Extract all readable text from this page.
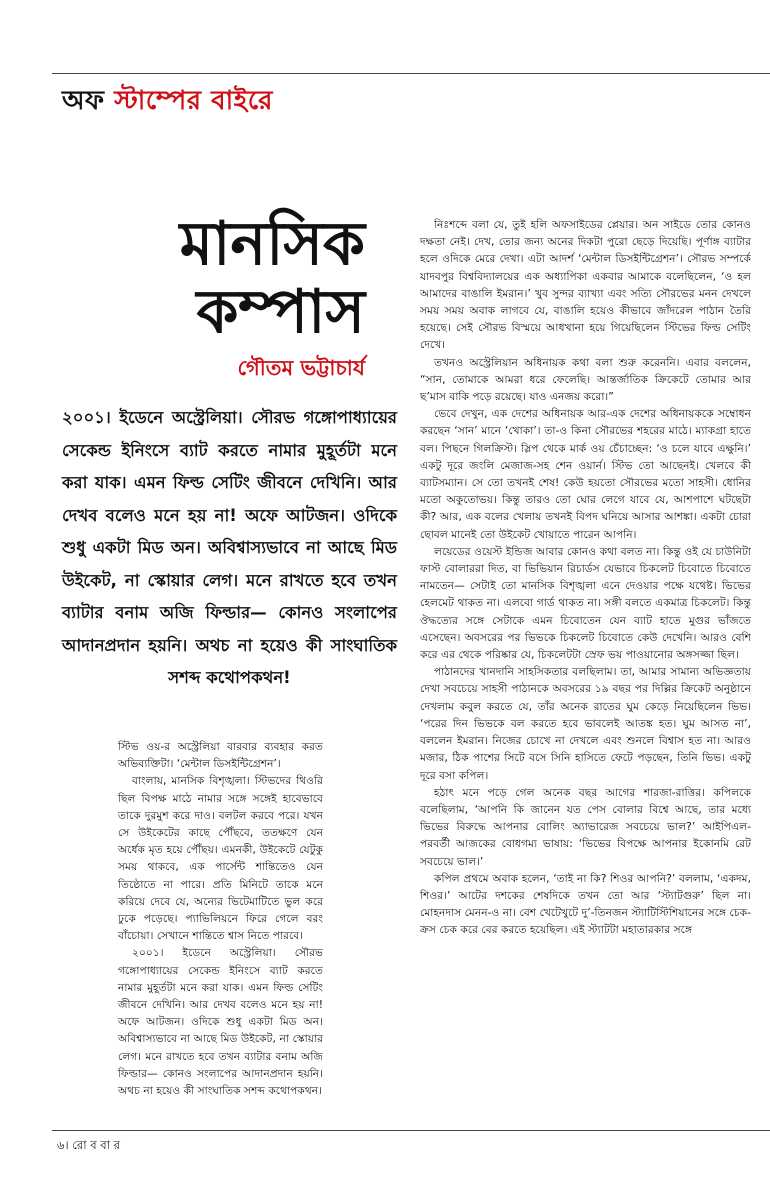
অফ স্টাম্পের বাইরে
মানসিক
কম্পাস
গৌতম ভট্টাচার্য
২০০১। ইডেনে অস্ট্রেলিয়া। সৌরভ গঙ্গোপাধ্যায়ের সেকেন্ড ইনিংসে ব্যাট করতে নামার মুহূর্তটা মনে করা যাক। এমন ফিল্ড সেটিং জীবনে দেখিনি। আর দেখব বলেও মনে হয় না! অফে আটজন। ওদিকে শুধু একটা মিড অন। অবিশ্বাস্যভাবে না আছে মিড উইকেট, না স্কোয়ার লেগ। মনে রাখতে হবে তখন ব্যাটার বনাম অজি ফিল্ডার— কোনও সংলাপের আদানপ্রদান হয়নি। অথচ না হয়েও কী সাংঘাতিক সশব্দ কথোপকথন!

স্টিভ ওয়-র অস্ট্রেলিয়া বারবার ব্যবহার করত অভিব্যক্তিটা। ‘মেন্টাল ডিসইন্টিগ্রেশন’।

বাংলায়, মানসিক বিশৃঙ্খলা। স্টিভদের থিওরি ছিল বিপক্ষ মাঠে নামার সঙ্গে সঙ্গেই হাবেভাবে তাকে দুরমুশ করে দাও। বলটল করবে পরে। যখন সে উইকেটের কাছে পৌঁছবে, ততক্ষণে যেন অর্ধেক মৃত হয়ে পৌঁছয়। এমনকী, উইকেটে যেটুকু সময় থাকবে, এক পার্সেন্ট শান্তিতেও যেন তিষ্ঠোতে না পারে। প্রতি মিনিটে তাকে মনে করিয়ে দেবে যে, অন্যের ভিটেমাটিতে ভুল করে ঢুকে পড়েছে। প্যাভিলিয়নে ফিরে গেলে বরং বাঁচোয়া। সেখানে শান্তিতে শ্বাস নিতে পারবে।

২০০১। ইডেনে অস্ট্রেলিয়া। সৌরভ গঙ্গোপাধ্যায়ের সেকেন্ড ইনিংসে ব্যাট করতে নামার মুহূর্তটা মনে করা যাক। এমন ফিল্ড সেটিং জীবনে দেখিনি। আর দেখব বলেও মনে হয় না! অফে আটজন। ওদিকে শুধু একটা মিড অন। অবিশ্বাস্যভাবে না আছে মিড উইকেট, না স্কোয়ার লেগ। মনে রাখতে হবে তখন ব্যাটার বনাম অজি ফিল্ডার— কোনও সংলাপের আদানপ্রদান হয়নি। অথচ না হয়েও কী সাংঘাতিক সশব্দ কথোপকথন।

নিঃশব্দে বলা যে, তুই হলি অফসাইডের প্লেয়ার। অন সাইডে তোর কোনও দক্ষতা নেই। দেখ, তোর জন্য অনের দিকটা পুরো ছেড়ে দিয়েছি। পূর্ণাঙ্গ ব্যাটার হলে ওদিকে মেরে দেখা। এটা আদর্শ ‘মেন্টাল ডিসইন্টিগ্রেশন’। সৌরভ সম্পর্কে যাদবপুর বিশ্ববিদ্যালয়ের এক অধ্যাপিকা একবার আমাকে বলেছিলেন, ‘ও হল আমাদের বাঙালি ইমরান।’ খুব সুন্দর ব্যাখ্যা এবং সত্যি সৌরভের মনন দেখলে সময় সময় অবাক লাগবে যে, বাঙালি হয়েও কীভাবে জাঁদরেল পাঠান তৈরি হয়েছে। সেই সৌরভ বিস্ময়ে আধখানা হয়ে গিয়েছিলেন স্টিভের ফিল্ড সেটিং দেখে।

তখনও অস্ট্রেলিয়ান অধিনায়ক কথা বলা শুরু করেননি। এবার বললেন, “সান, তোমাকে আমরা ধরে ফেলেছি। আন্তর্জাতিক ক্রিকেটে তোমার আর ছ’মাস বাকি পড়ে রয়েছে। যাও এনজয় করো।”

ভেবে দেখুন, এক দেশের অধিনায়ক আর-এক দেশের অধিনায়ককে সম্বোধন করছেন ‘সান’ মানে ‘খোকা’। তা-ও কিনা সৌরভের শহরের মাঠে। ম্যাকগ্রা হাতে বল। পিছনে গিলক্রিস্ট। স্লিপ থেকে মার্ক ওয় চেঁচাচ্ছেন: ‘ও চলে যাবে এক্ষুনি।’ একটু দূরে জংলি মেজাজ-সহ শেন ওয়ার্ন। স্টিভ তো আছেনই। খেলবে কী ব্যাটসম্যান। সে তো তখনই শেষ! কেউ হয়তো সৌরভের মতো সাহসী। ধোনির মতো অকুতোভয়। কিন্তু তারও তো ঘোর লেগে যাবে যে, আশপাশে ঘটছেটা কী? আর, এক বলের খেলায় তখনই বিপদ ঘনিয়ে আসার আশঙ্কা। একটা চোরা ছোবল মানেই তো উইকেট খোয়াতে পারেন আপনি।

লয়েডের ওয়েস্ট ইন্ডিজ আবার কোনও কথা বলত না। কিন্তু ওই যে চাউনিটা ফাস্ট বোলাররা দিত, বা ভিভিয়ান রিচার্ডস যেভাবে চিকলেট চিবোতে চিবোতে নামতেন— সেটাই তো মানসিক বিশৃঙ্খলা এনে দেওয়ার পক্ষে যথেষ্ট। ভিভের হেলমেট থাকত না। এলবো গার্ড থাকত না। সঙ্গী বলতে একমাত্র চিকলেট। কিন্তু ঔদ্ধত্যের সঙ্গে সেটাকে এমন চিবোতেন যেন ব্যাট হাতে মুগুর ভাঁজতে এসেছেন। অবসরের পর ভিভকে চিকলেট চিবোতে কেউ দেখেনি। আরও বেশি করে এর থেকে পরিষ্কার যে, চিকলেটটা স্রেফ ভয় পাওয়ানোর অঙ্গসজ্জা ছিল।

পাঠানদের খানদানি সাহসিকতার বলছিলাম। তা, আমার সামান্য অভিজ্ঞতায় দেখা সবচেয়ে সাহসী পাঠানকে অবসরের ১৯ বছর পর দিল্লির ক্রিকেট অনুষ্ঠানে দেখলাম কবুল করতে যে, তাঁর অনেক রাতের ঘুম কেড়ে নিয়েছিলেন ভিভ। ‘পরের দিন ভিভকে বল করতে হবে ভাবলেই আতঙ্ক হত। ঘুম আসত না’, বললেন ইমরান। নিজের চোখে না দেখলে এবং শুনলে বিশ্বাস হত না। আরও মজার, ঠিক পাশের সিটে বসে সিনি হাসিতে ফেটে পড়ছেন, তিনি ভিভ। একটু দূরে বসা কপিল।

হঠাৎ মনে পড়ে গেল অনেক বছর আগের শারজা-রাত্তির। কপিলকে বলেছিলাম, ‘আপনি কি জানেন যত পেস বোলার বিশ্বে আছে, তার মধ্যে ভিভের বিরুদ্ধে আপনার বোলিং অ্যাভারেজ সবচেয়ে ভাল?’ আইপিএল-পরবর্তী আজকের বোধগম্য ভাষায়: ‘ভিভের বিপক্ষে আপনার ইকোনমি রেট সবচেয়ে ভাল।’

কপিল প্রথমে অবাক হলেন, ‘তাই না কি? শিওর আপনি?’ বললাম, ‘একদম, শিওর।’ আটের দশকের শেষদিকে তখন তো আর ‘স্ট্যাটগুরু’ ছিল না। মোহনদাস মেনন-ও না। বেশ খেটেখুটে দু’-তিনজন স্ট্যাটিস্টিশিয়ানের সঙ্গে চেক-ক্রস চেক করে বের করতে হয়েছিল। এই স্ট্যাটটা মহাতারকার সঙ্গে

৬। রো ব বা র
